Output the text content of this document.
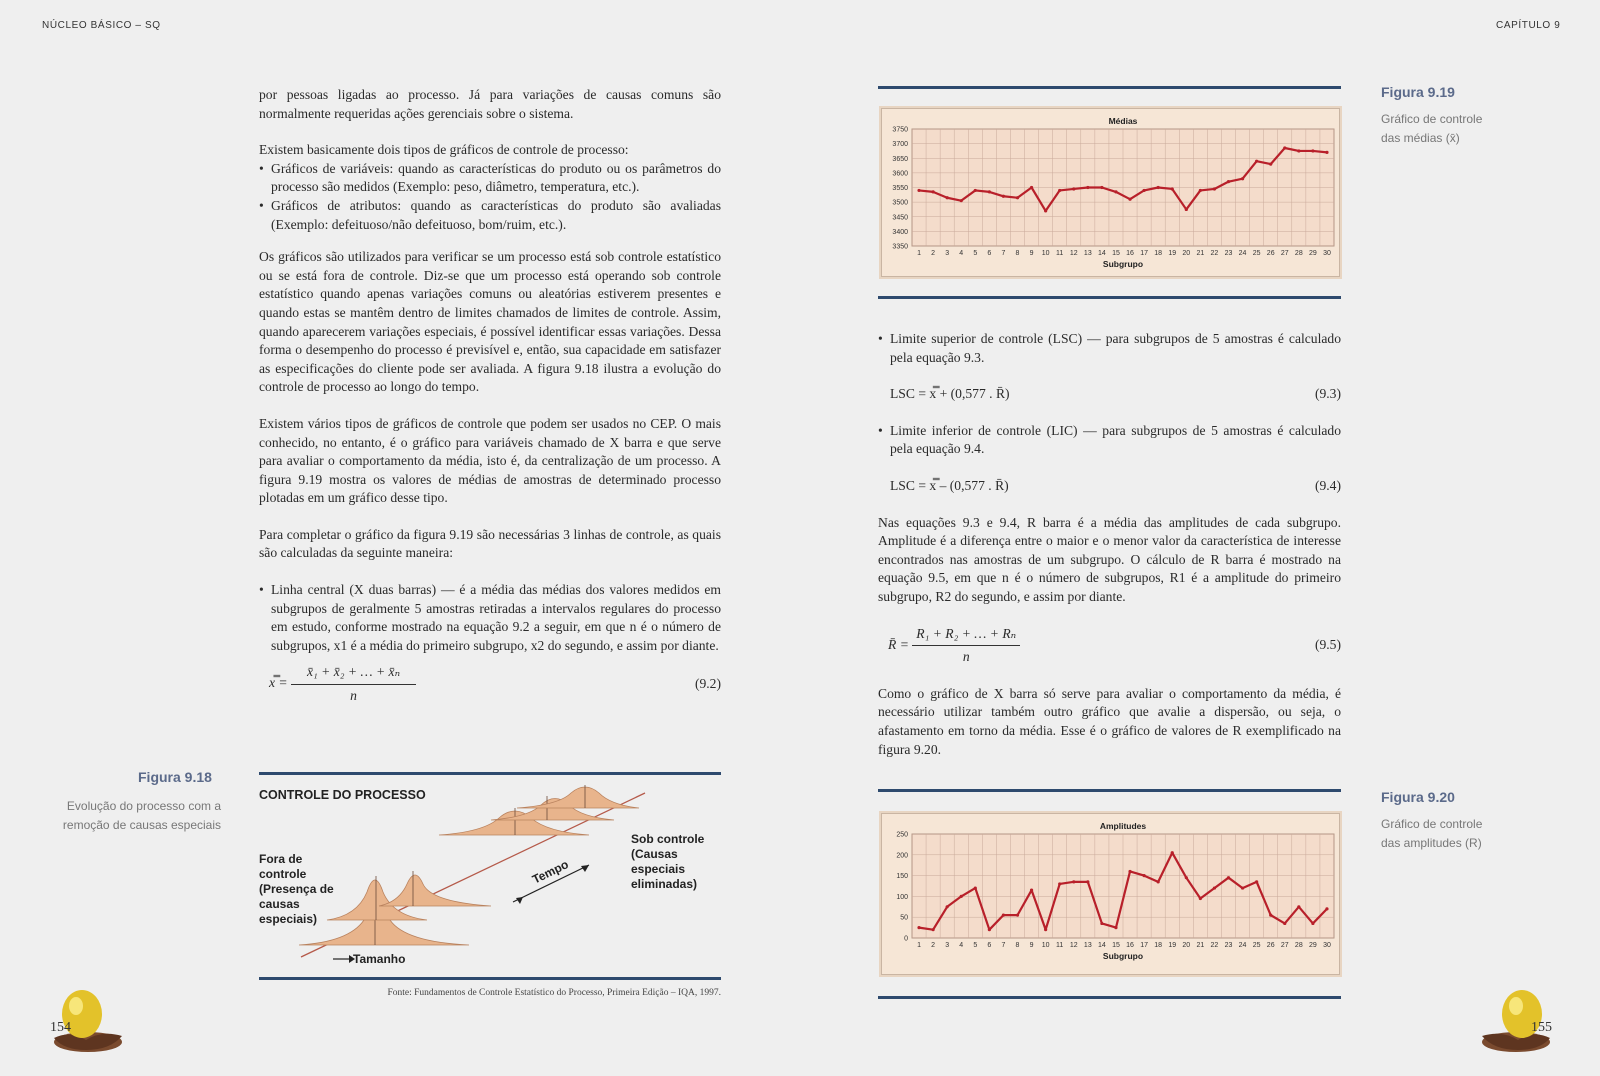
NÚCLEO BÁSICO – SQ	CAPÍTULO 9

por pessoas ligadas ao processo. Já para variações de causas comuns são normalmente requeridas ações gerenciais sobre o sistema.

Existem basicamente dois tipos de gráficos de controle de processo:
• Gráficos de variáveis: quando as características do produto ou os parâmetros do processo são medidos (Exemplo: peso, diâmetro, temperatura, etc.).
• Gráficos de atributos: quando as características do produto são avaliadas (Exemplo: defeituoso/não defeituoso, bom/ruim, etc.).

Os gráficos são utilizados para verificar se um processo está sob controle estatístico ou se está fora de controle. Diz-se que um processo está operando sob controle estatístico quando apenas variações comuns ou aleatórias estiverem presentes e quando estas se mantêm dentro de limites chamados de limites de controle. Assim, quando aparecerem variações especiais, é possível identificar essas variações. Dessa forma o desempenho do processo é previsível e, então, sua capacidade em satisfazer as especificações do cliente pode ser avaliada. A figura 9.18 ilustra a evolução do controle de processo ao longo do tempo.

Existem vários tipos de gráficos de controle que podem ser usados no CEP. O mais conhecido, no entanto, é o gráfico para variáveis chamado de X barra e que serve para avaliar o comportamento da média, isto é, da centralização de um processo. A figura 9.19 mostra os valores de médias de amostras de determinado processo plotadas em um gráfico desse tipo.

Para completar o gráfico da figura 9.19 são necessárias 3 linhas de controle, as quais são calculadas da seguinte maneira:

• Linha central (X duas barras) — é a média das médias dos valores medidos em subgrupos de geralmente 5 amostras retiradas a intervalos regulares do processo em estudo, conforme mostrado na equação 9.2 a seguir, em que n é o número de subgrupos, x1 é a média do primeiro subgrupo, x2 do segundo, e assim por diante.
x̿ = $\frac{\text{x̄₁ + x̄₂ + … + x̄ₙ}}{n}$	(9.2)
Figura 9.18
Evolução do processo com a remoção de causas especiais
CONTROLE DO PROCESSO
Fora de
controle
(Presença de
causas
especiais)
Sob controle
(Causas
especiais
eliminadas)
Tempo
Tamanho
Fonte: Fundamentos de Controle Estatístico do Processo, Primeira Edição – IQA, 1997.
154
Figura 9.19
Gráfico de controle
das médias (x̄)
3350
3400
3450
3500
3550
3600
3650
3700
3750
1 2 3 4 5 6 7 8 9 10 11 12 13 14 15 16 17 18 19 20 21 22 23 24 25 26 27 28 29 30
Médias
Subgrupo
• Limite superior de controle (LSC) — para subgrupos de 5 amostras é calculado pela equação 9.3.
LSC = x̿ + (0,577 . R̄)	(9.3)
• Limite inferior de controle (LIC) — para subgrupos de 5 amostras é calculado pela equação 9.4.
LSC = x̿ – (0,577 . R̄)	(9.4)

Nas equações 9.3 e 9.4, R barra é a média das amplitudes de cada subgrupo. Amplitude é a diferença entre o maior e o menor valor da característica de interesse encontrados nas amostras de um subgrupo. O cálculo de R barra é mostrado na equação 9.5, em que n é o número de subgrupos, R1 é a amplitude do primeiro subgrupo, R2 do segundo, e assim por diante.

R̄ = $\frac{\text{R₁ + R₂ + … + Rₙ}}{n}$	(9.5)

Como o gráfico de X barra só serve para avaliar o comportamento da média, é necessário utilizar também outro gráfico que avalie a dispersão, ou seja, o afastamento em torno da média. Esse é o gráfico de valores de R exemplificado na figura 9.20.

Figura 9.20
Gráfico de controle
das amplitudes (R)
0
50
100
150
200
250
1 2 3 4 5 6 7 8 9 10 11 12 13 14 15 16 17 18 19 20 21 22 23 24 25 26 27 28 29 30
Amplitudes
Subgrupo
155
